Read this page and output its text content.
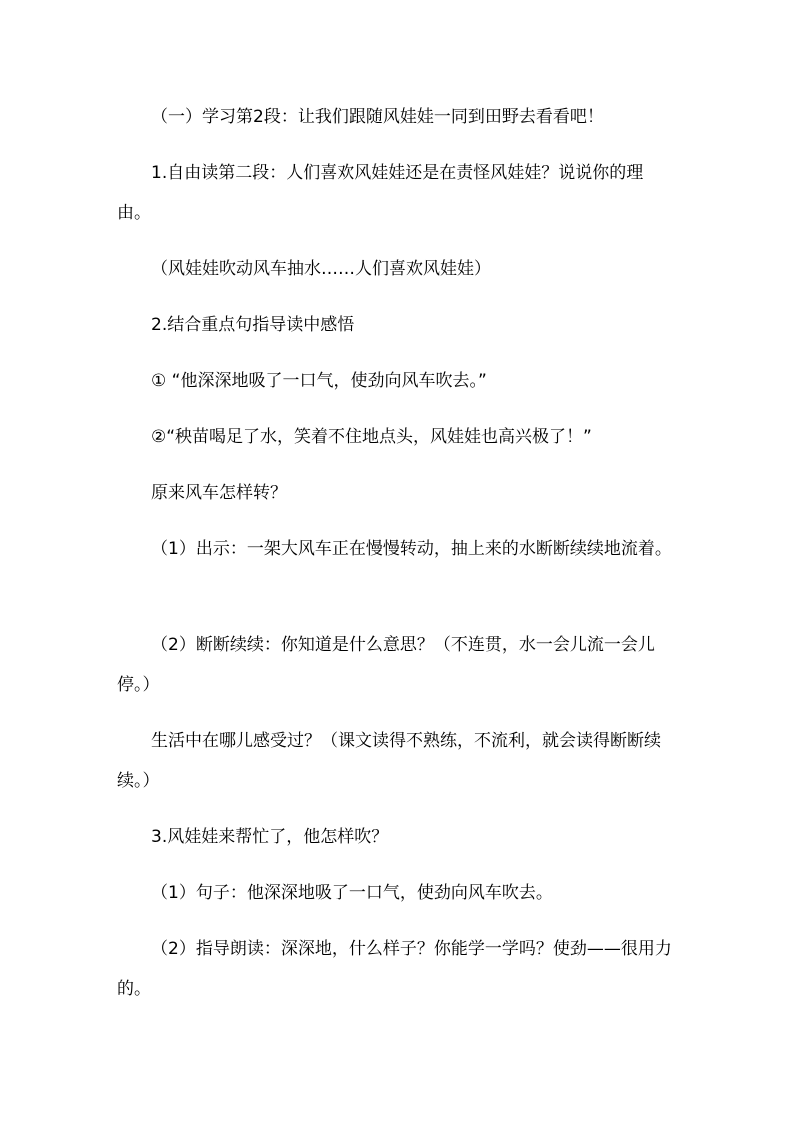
（一）学习第2段：让我们跟随风娃娃一同到田野去看看吧！

1.自由读第二段：人们喜欢风娃娃还是在责怪风娃娃？说说你的理由。

（风娃娃吹动风车抽水……人们喜欢风娃娃）

2.结合重点句指导读中感悟

① “他深深地吸了一口气，使劲向风车吹去。”

②“秧苗喝足了水，笑着不住地点头，风娃娃也高兴极了！”

原来风车怎样转？

（1）出示：一架大风车正在慢慢转动，抽上来的水断断续续地流着。

（2）断断续续：你知道是什么意思？（不连贯，水一会儿流一会儿停。）

生活中在哪儿感受过？（课文读得不熟练，不流利，就会读得断断续续。）

3.风娃娃来帮忙了，他怎样吹？

（1）句子：他深深地吸了一口气，使劲向风车吹去。

（2）指导朗读：深深地，什么样子？你能学一学吗？使劲——很用力的。
